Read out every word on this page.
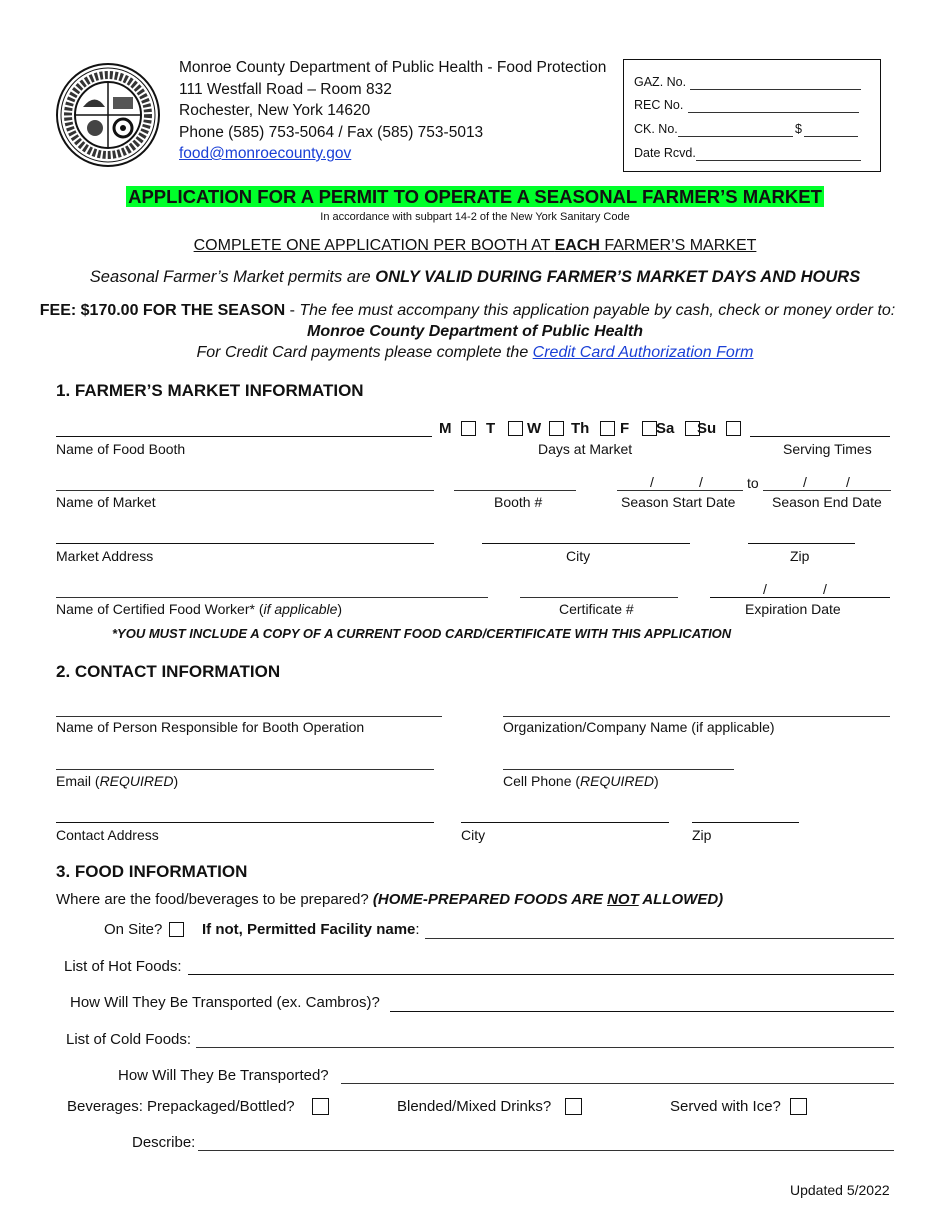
Monroe County Department of Public Health - Food Protection
111 Westfall Road – Room 832
Rochester, New York 14620
Phone (585) 753-5064 / Fax (585) 753-5013
food@monroecounty.gov
GAZ. No.
REC No.
CK. No.	$
Date Rcvd.
APPLICATION FOR A PERMIT TO OPERATE A SEASONAL FARMER’S MARKET
In accordance with subpart 14-2 of the New York Sanitary Code
COMPLETE ONE APPLICATION PER BOOTH AT EACH FARMER’S MARKET
Seasonal Farmer’s Market permits are ONLY VALID DURING FARMER’S MARKET DAYS AND HOURS
FEE: $170.00 FOR THE SEASON - The fee must accompany this application payable by cash, check or money order to:
Monroe County Department of Public Health
For Credit Card payments please complete the Credit Card Authorization Form
1. FARMER’S MARKET INFORMATION
M T W Th F Sa Su
Name of Food Booth	Days at Market	Serving Times
/	/	to	/	/
Name of Market	Booth #	Season Start Date	Season End Date
Market Address	City	Zip
/	/
Name of Certified Food Worker* (if applicable)	Certificate #	Expiration Date
*YOU MUST INCLUDE A COPY OF A CURRENT FOOD CARD/CERTIFICATE WITH THIS APPLICATION
2. CONTACT INFORMATION
Name of Person Responsible for Booth Operation	Organization/Company Name (if applicable)
Email (REQUIRED)	Cell Phone (REQUIRED)
Contact Address	City	Zip
3. FOOD INFORMATION
Where are the food/beverages to be prepared? (HOME-PREPARED FOODS ARE NOT ALLOWED)
On Site?	If not, Permitted Facility name:
List of Hot Foods:
How Will They Be Transported (ex. Cambros)?
List of Cold Foods:
How Will They Be Transported?
Beverages: Prepackaged/Bottled?	Blended/Mixed Drinks?	Served with Ice?
Describe:
Updated 5/2022
